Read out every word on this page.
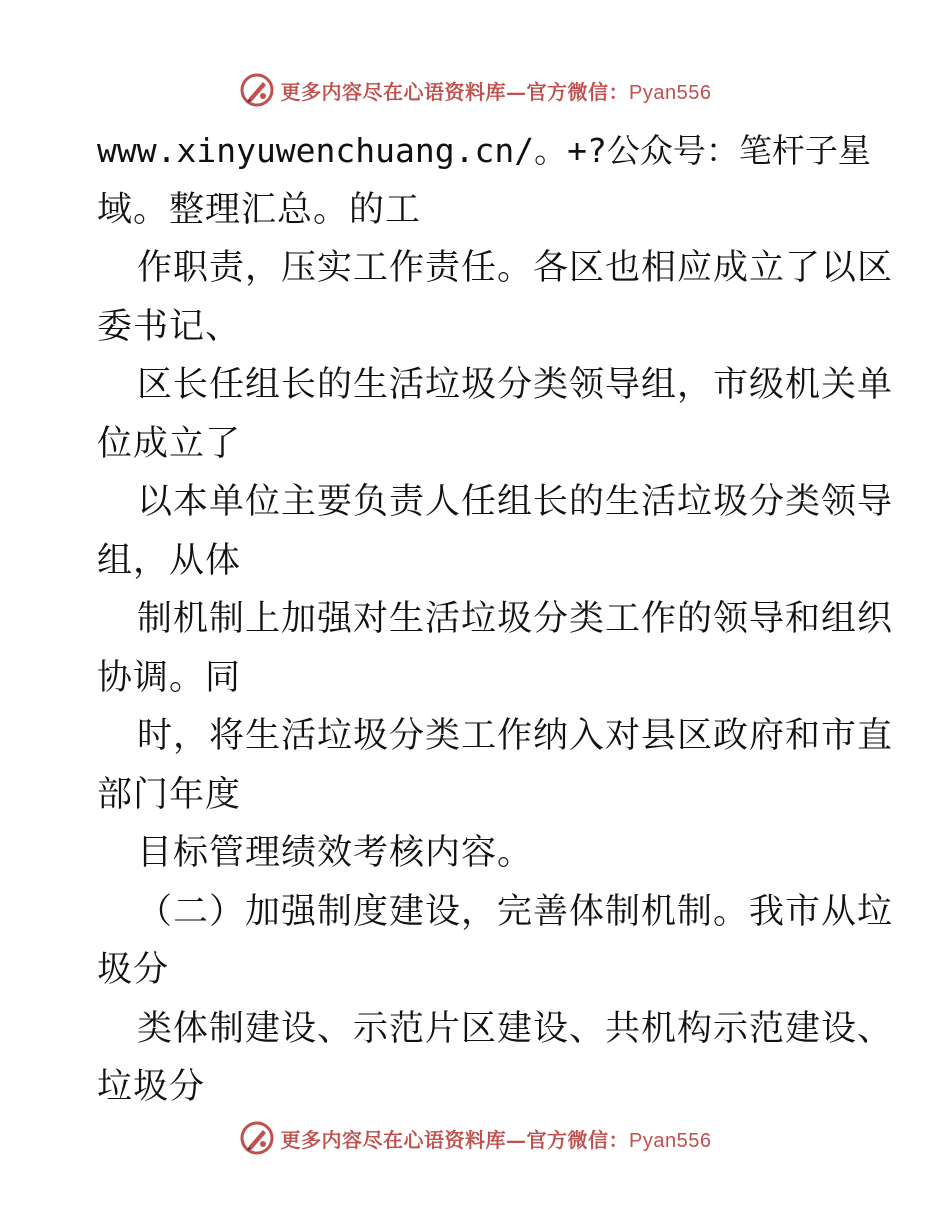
更多内容尽在心语资料库—官方微信：Pyan556
www.xinyuwenchuang.cn/。+?公众号：笔杆子星
域。整理汇总。的工
作职责，压实工作责任。各区也相应成立了以区
委书记、
区长任组长的生活垃圾分类领导组，市级机关单
位成立了
以本单位主要负责人任组长的生活垃圾分类领导
组，从体
制机制上加强对生活垃圾分类工作的领导和组织
协调。同
时，将生活垃圾分类工作纳入对县区政府和市直
部门年度
目标管理绩效考核内容。
（二）加强制度建设，完善体制机制。我市从垃
圾分
类体制建设、示范片区建设、共机构示范建设、
垃圾分
更多内容尽在心语资料库—官方微信：Pyan556
